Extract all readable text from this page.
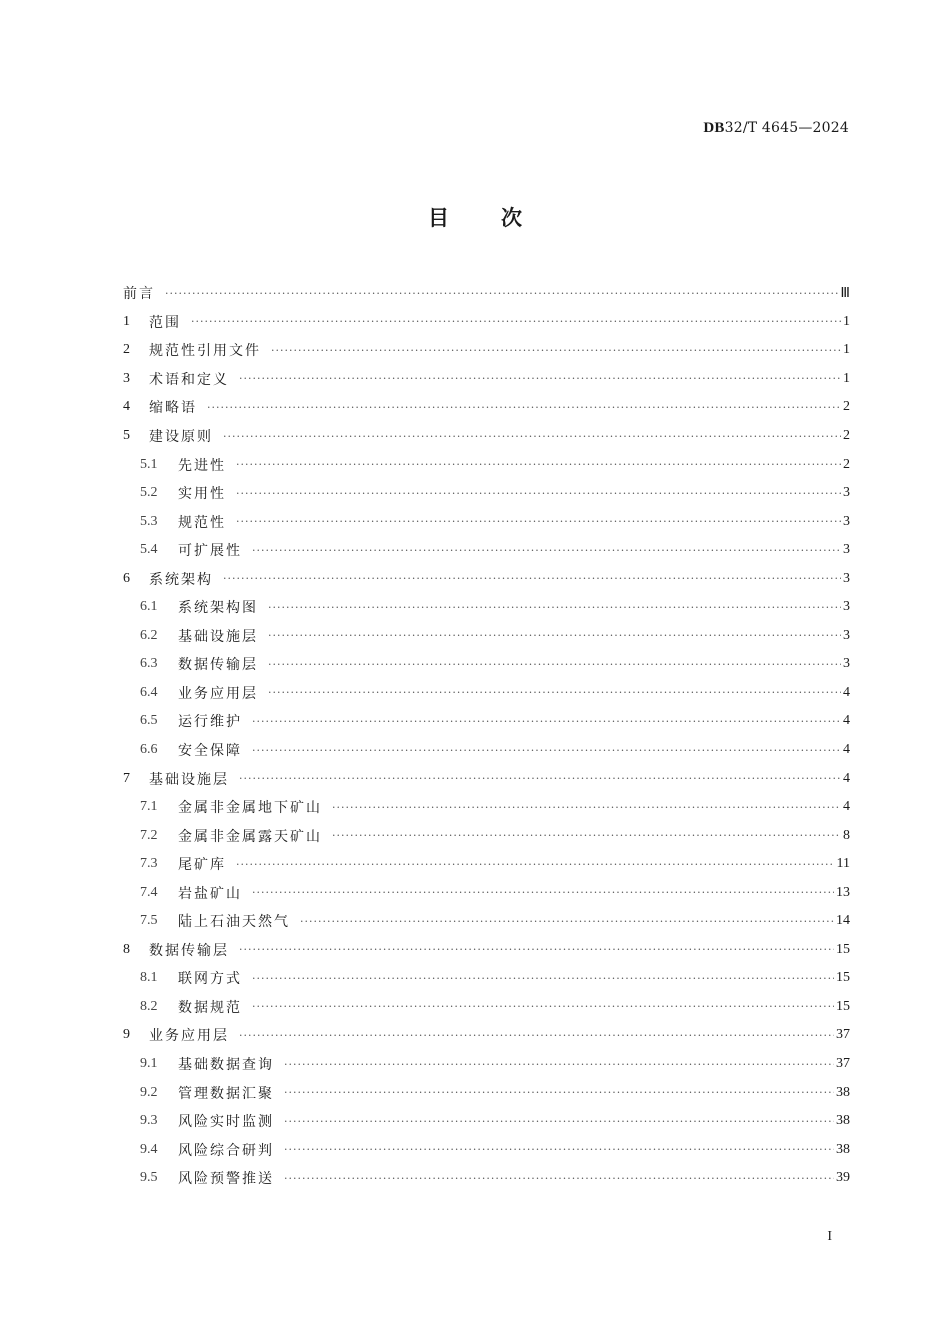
DB32/T 4645—2024
目 次
前言 ·····	Ⅲ
1	范围 ·····	1
2	规范性引用文件 ·····	1
3	术语和定义 ·····	1
4	缩略语 ·····	2
5	建设原则 ·····	2
5.1	先进性 ·····	2
5.2	实用性 ·····	3
5.3	规范性 ·····	3
5.4	可扩展性 ·····	3
6	系统架构 ·····	3
6.1	系统架构图 ·····	3
6.2	基础设施层 ·····	3
6.3	数据传输层 ·····	3
6.4	业务应用层 ·····	4
6.5	运行维护 ·····	4
6.6	安全保障 ·····	4
7	基础设施层 ·····	4
7.1	金属非金属地下矿山 ·····	4
7.2	金属非金属露天矿山 ·····	8
7.3	尾矿库 ·····	11
7.4	岩盐矿山 ·····	13
7.5	陆上石油天然气 ·····	14
8	数据传输层 ·····	15
8.1	联网方式 ·····	15
8.2	数据规范 ·····	15
9	业务应用层 ·····	37
9.1	基础数据查询 ·····	37
9.2	管理数据汇聚 ·····	38
9.3	风险实时监测 ·····	38
9.4	风险综合研判 ·····	38
9.5	风险预警推送 ·····	39
I
